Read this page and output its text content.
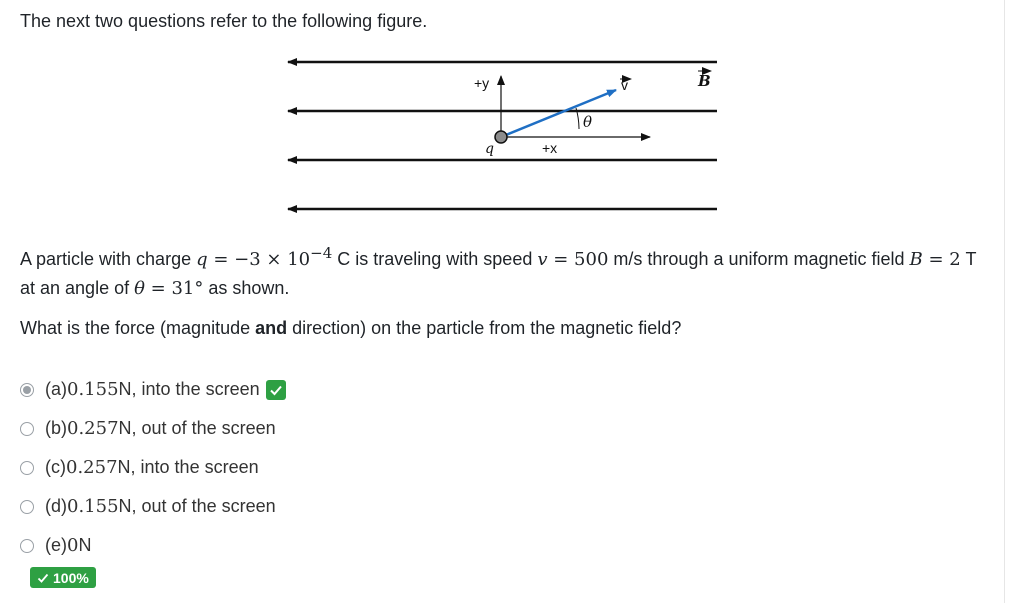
The next two questions refer to the following figure.
+y
+x
θ
q
v	B
A particle with charge $q = -3 \times 10^{-4}$ C is traveling with speed v = 500 m/s through a uniform magnetic field B = 2 T at an angle of θ = 31° as shown.
What is the force (magnitude and direction) on the particle from the magnetic field?
(a) 0.155 N, into the screen
(b) 0.257 N, out of the screen
(c) 0.257 N, into the screen
(d) 0.155 N, out of the screen
(e) 0 N
100%
